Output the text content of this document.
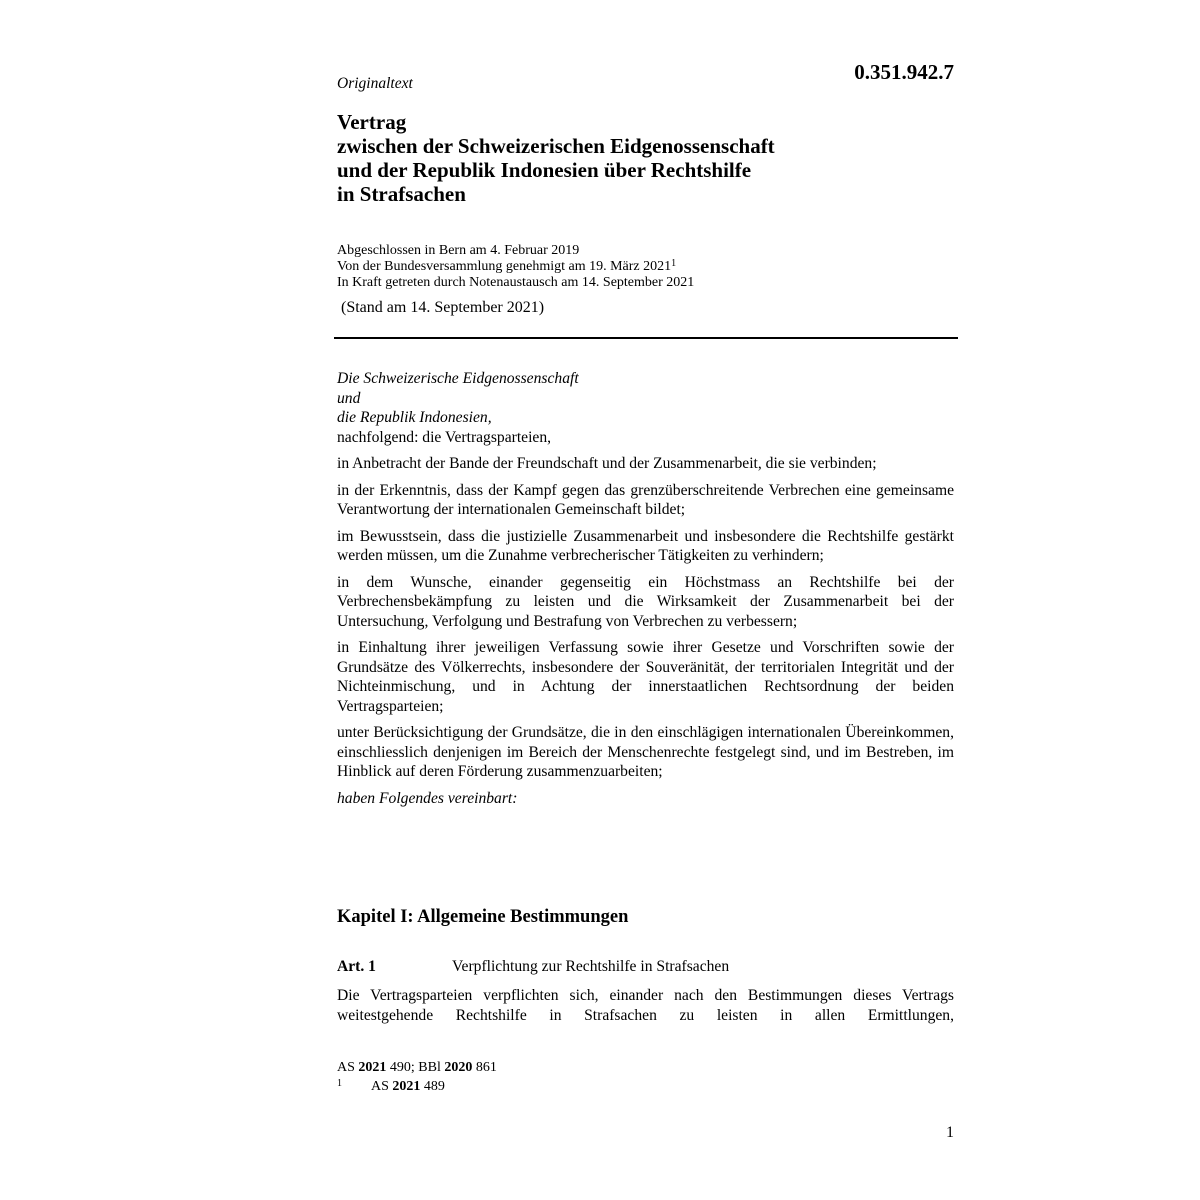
0.351.942.7
Originaltext
Vertrag
zwischen der Schweizerischen Eidgenossenschaft
und der Republik Indonesien über Rechtshilfe
in Strafsachen
Abgeschlossen in Bern am 4. Februar 2019
Von der Bundesversammlung genehmigt am 19. März 2021$^1$
In Kraft getreten durch Notenaustausch am 14. September 2021
(Stand am 14. September 2021)
Die Schweizerische Eidgenossenschaft
und
die Republik Indonesien,
nachfolgend: die Vertragsparteien,
in Anbetracht der Bande der Freundschaft und der Zusammenarbeit, die sie verbinden;
in der Erkenntnis, dass der Kampf gegen das grenzüberschreitende Verbrechen eine gemeinsame Verantwortung der internationalen Gemeinschaft bildet;
im Bewusstsein, dass die justizielle Zusammenarbeit und insbesondere die Rechtshilfe gestärkt werden müssen, um die Zunahme verbrecherischer Tätigkeiten zu verhindern;
in dem Wunsche, einander gegenseitig ein Höchstmass an Rechtshilfe bei der Verbrechensbekämpfung zu leisten und die Wirksamkeit der Zusammenarbeit bei der Untersuchung, Verfolgung und Bestrafung von Verbrechen zu verbessern;
in Einhaltung ihrer jeweiligen Verfassung sowie ihrer Gesetze und Vorschriften sowie der Grundsätze des Völkerrechts, insbesondere der Souveränität, der territorialen Integrität und der Nichteinmischung, und in Achtung der innerstaatlichen Rechtsordnung der beiden Vertragsparteien;
unter Berücksichtigung der Grundsätze, die in den einschlägigen internationalen Übereinkommen, einschliesslich denjenigen im Bereich der Menschenrechte festgelegt sind, und im Bestreben, im Hinblick auf deren Förderung zusammenzuarbeiten;
haben Folgendes vereinbart:
Kapitel I: Allgemeine Bestimmungen
Art. 1	Verpflichtung zur Rechtshilfe in Strafsachen
Die Vertragsparteien verpflichten sich, einander nach den Bestimmungen dieses Vertrags weitestgehende Rechtshilfe in Strafsachen zu leisten in allen Ermittlungen,
AS 2021 490; BBl 2020 861
1 AS 2021 489
1
